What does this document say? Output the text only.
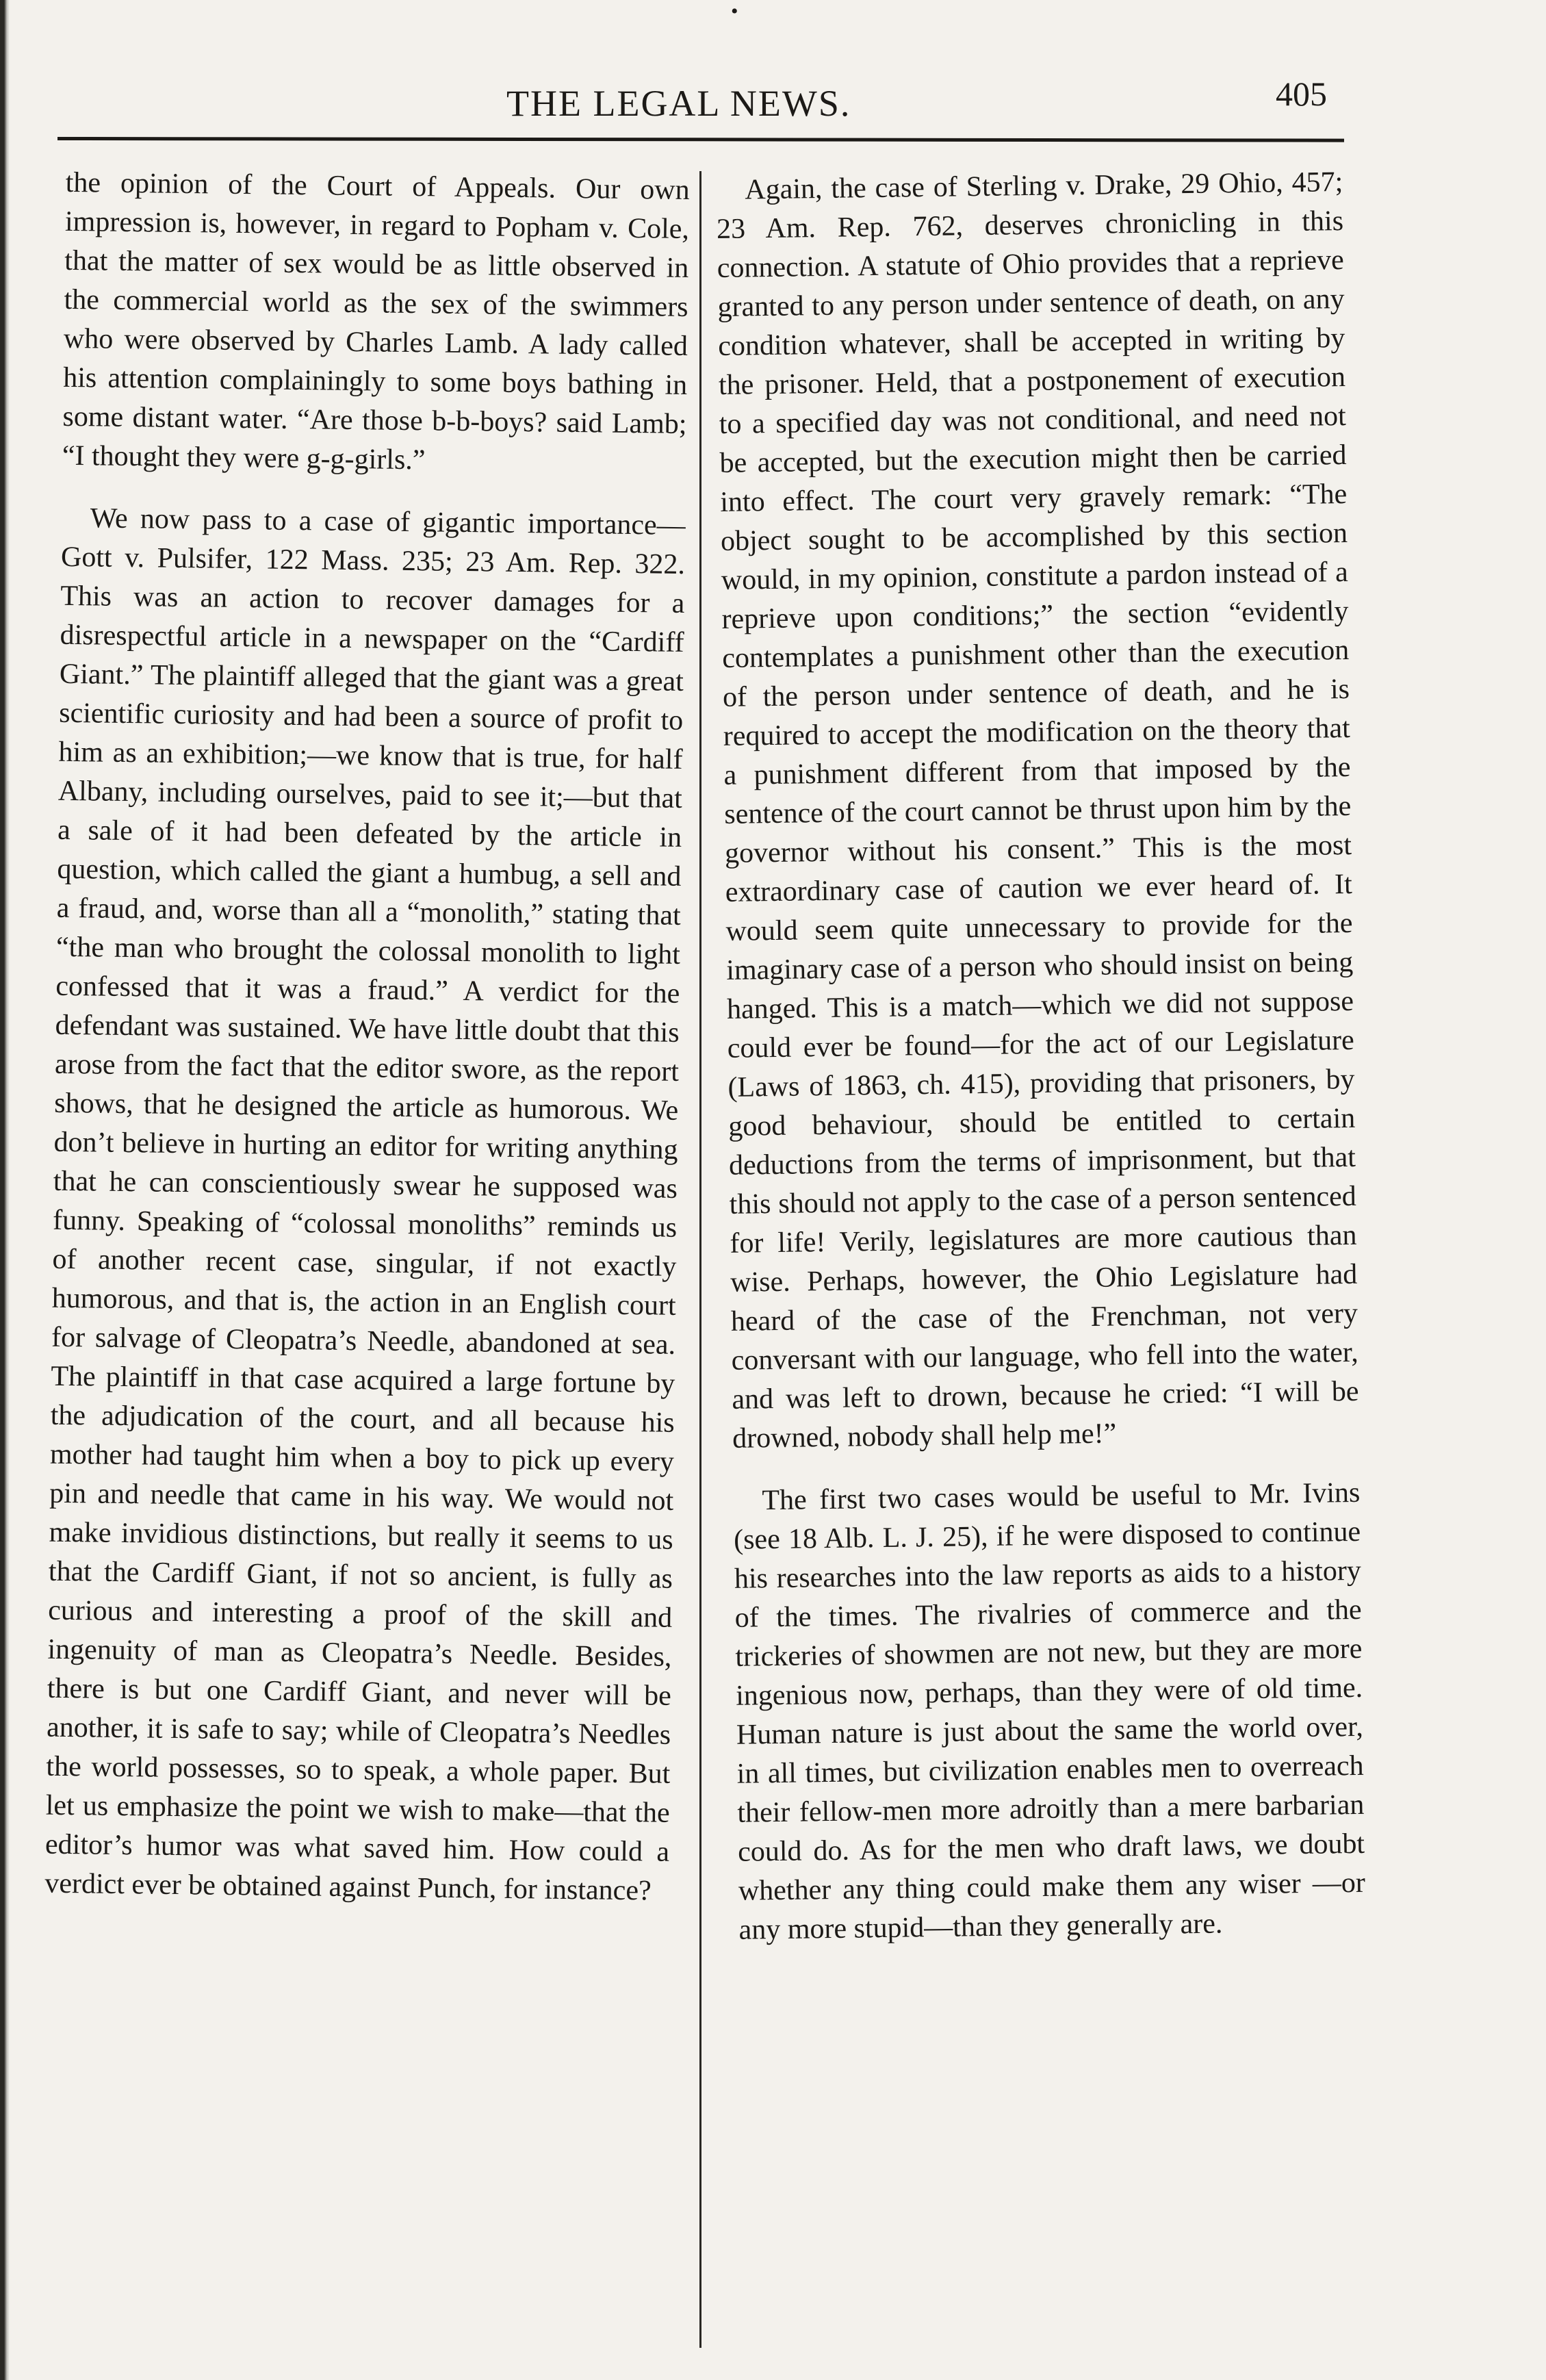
•
THE LEGAL NEWS.	405

the opinion of the Court of Appeals. Our own impression is, however, in regard to Popham v. Cole, that the matter of sex would be as little observed in the commercial world as the sex of the swimmers who were observed by Charles Lamb. A lady called his attention complainingly to some boys bathing in some distant water. “Are those b-b-boys? said Lamb; “I thought they were g-g-girls.”

We now pass to a case of gigantic importance—Gott v. Pulsifer, 122 Mass. 235; 23 Am. Rep. 322. This was an action to recover damages for a disrespectful article in a newspaper on the “Cardiff Giant.” The plaintiff alleged that the giant was a great scientific curiosity and had been a source of profit to him as an exhibition;—we know that is true, for half Albany, including ourselves, paid to see it;—but that a sale of it had been defeated by the article in question, which called the giant a humbug, a sell and a fraud, and, worse than all a “monolith,” stating that “the man who brought the colossal monolith to light confessed that it was a fraud.” A verdict for the defendant was sustained. We have little doubt that this arose from the fact that the editor swore, as the report shows, that he designed the article as humorous. We don’t believe in hurting an editor for writing anything that he can conscientiously swear he supposed was funny. Speaking of “colossal monoliths” reminds us of another recent case, singular, if not exactly humorous, and that is, the action in an English court for salvage of Cleopatra’s Needle, abandoned at sea. The plaintiff in that case acquired a large fortune by the adjudication of the court, and all because his mother had taught him when a boy to pick up every pin and needle that came in his way. We would not make invidious distinctions, but really it seems to us that the Cardiff Giant, if not so ancient, is fully as curious and interesting a proof of the skill and ingenuity of man as Cleopatra’s Needle. Besides, there is but one Cardiff Giant, and never will be another, it is safe to say; while of Cleopatra’s Needles the world possesses, so to speak, a whole paper. But let us emphasize the point we wish to make—that the editor’s humor was what saved him. How could a verdict ever be obtained against Punch, for instance?

Again, the case of Sterling v. Drake, 29 Ohio, 457; 23 Am. Rep. 762, deserves chronicling in this connection. A statute of Ohio provides that a reprieve granted to any person under sentence of death, on any condition whatever, shall be accepted in writing by the prisoner. Held, that a postponement of execution to a specified day was not conditional, and need not be accepted, but the execution might then be carried into effect. The court very gravely remark: “The object sought to be accomplished by this section would, in my opinion, constitute a pardon instead of a reprieve upon conditions;” the section “evidently contemplates a punishment other than the execution of the person under sentence of death, and he is required to accept the modification on the theory that a punishment different from that imposed by the sentence of the court cannot be thrust upon him by the governor without his consent.” This is the most extraordinary case of caution we ever heard of. It would seem quite unnecessary to provide for the imaginary case of a person who should insist on being hanged. This is a match—which we did not suppose could ever be found—for the act of our Legislature (Laws of 1863, ch. 415), providing that prisoners, by good behaviour, should be entitled to certain deductions from the terms of imprisonment, but that this should not apply to the case of a person sentenced for life! Verily, legislatures are more cautious than wise. Perhaps, however, the Ohio Legislature had heard of the case of the Frenchman, not very conversant with our language, who fell into the water, and was left to drown, because he cried: “I will be drowned, nobody shall help me!”

The first two cases would be useful to Mr. Ivins (see 18 Alb. L. J. 25), if he were disposed to continue his researches into the law reports as aids to a history of the times. The rivalries of commerce and the trickeries of showmen are not new, but they are more ingenious now, perhaps, than they were of old time. Human nature is just about the same the world over, in all times, but civilization enables men to overreach their fellow-men more adroitly than a mere barbarian could do. As for the men who draft laws, we doubt whether any thing could make them any wiser —or any more stupid—than they generally are.
